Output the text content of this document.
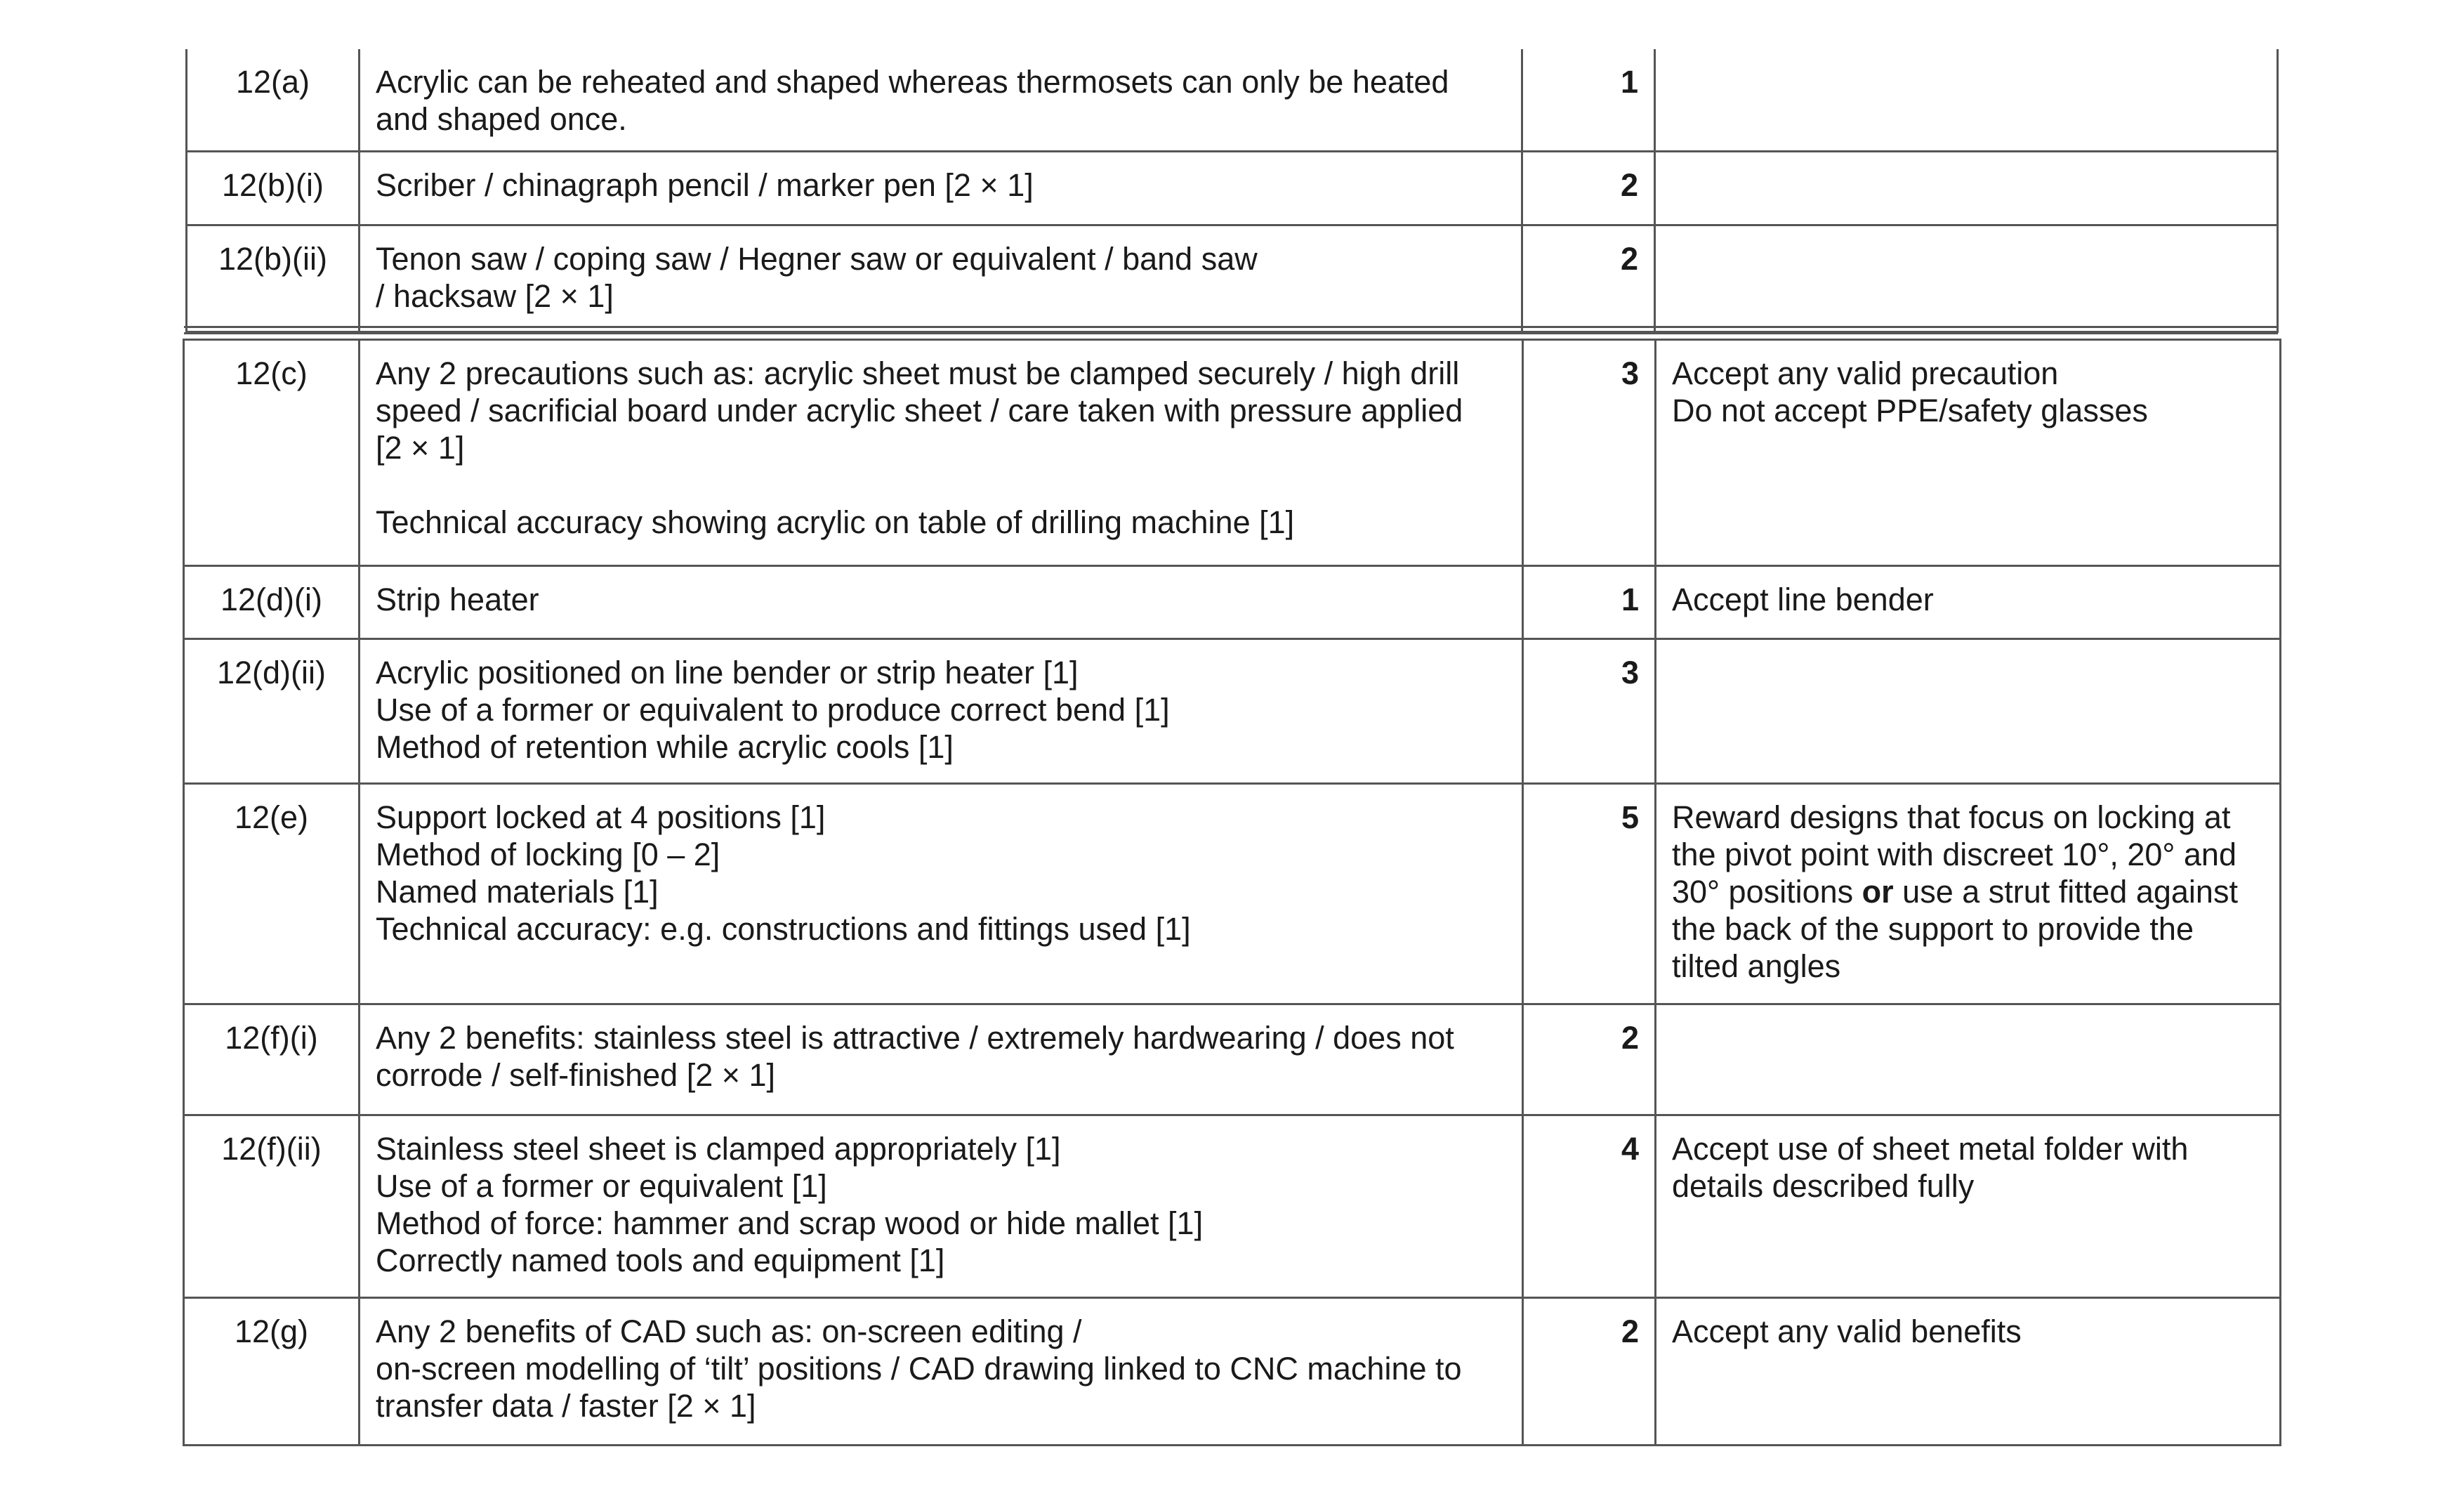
12(a)	Acrylic can be reheated and shaped whereas thermosets can only be heated
and shaped once.	1	
12(b)(i)	Scriber / chinagraph pencil / marker pen [2 × 1]	2	
12(b)(ii)	Tenon saw / coping saw / Hegner saw or equivalent / band saw
/ hacksaw [2 × 1]	2	
12(c)	Any 2 precautions such as: acrylic sheet must be clamped securely / high drill
speed / sacrificial board under acrylic sheet / care taken with pressure applied
[2 × 1]
Technical accuracy showing acrylic on table of drilling machine [1]	3	Accept any valid precaution
Do not accept PPE/safety glasses

12(d)(i)	Strip heater	1	Accept line bender

12(d)(ii)	Acrylic positioned on line bender or strip heater [1]
Use of a former or equivalent to produce correct bend [1]
Method of retention while acrylic cools [1]	3	
12(e)	Support locked at 4 positions [1]
Method of locking [0 – 2]
Named materials [1]
Technical accuracy: e.g. constructions and fittings used [1]	5	Reward designs that focus on locking at the pivot point with discreet 10°, 20° and 30° positions or use a strut fitted against the back of the support to provide the tilted angles
12(f)(i)	Any 2 benefits: stainless steel is attractive / extremely hardwearing / does not
corrode / self-finished [2 × 1]	2	
12(f)(ii)	Stainless steel sheet is clamped appropriately [1]
Use of a former or equivalent [1]
Method of force: hammer and scrap wood or hide mallet [1]
Correctly named tools and equipment [1]	4	Accept use of sheet metal folder with
details described fully

12(g)	Any 2 benefits of CAD such as: on-screen editing /
on-screen modelling of ‘tilt’ positions / CAD drawing linked to CNC machine to
transfer data / faster [2 × 1]	2	Accept any valid benefits
